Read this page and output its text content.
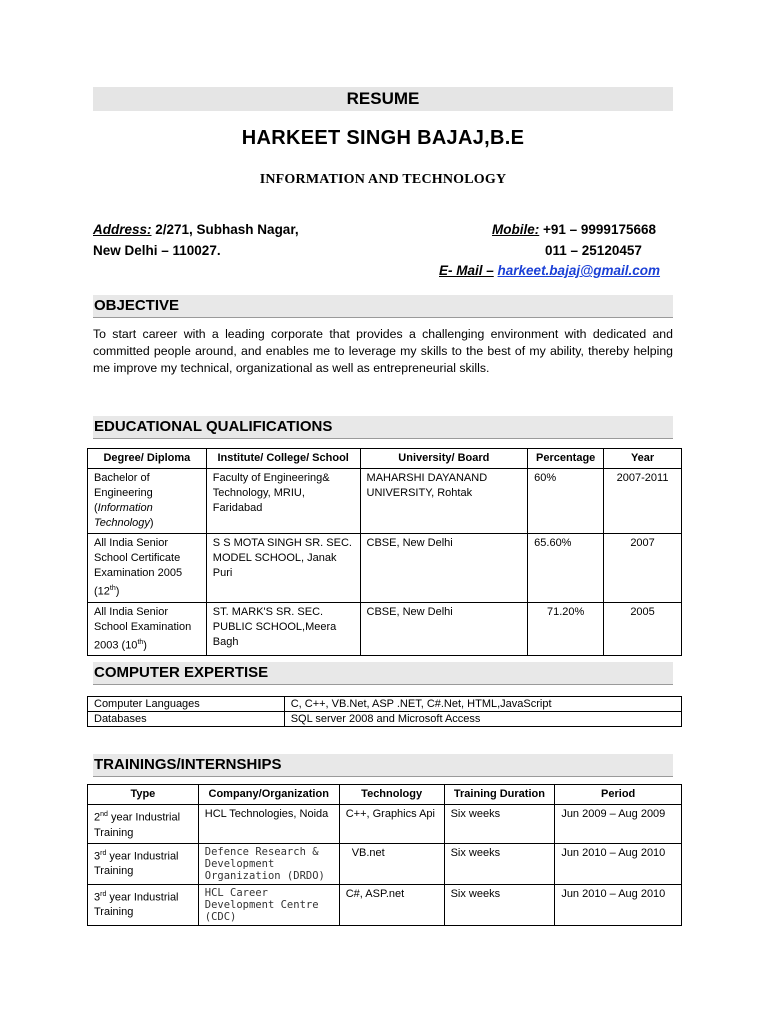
RESUME
HARKEET SINGH BAJAJ,B.E
INFORMATION AND TECHNOLOGY
Address: 2/271, Subhash Nagar,
New Delhi – 110027.
Mobile: +91 – 9999175668
011 – 25120457
E- Mail – harkeet.bajaj@gmail.com
OBJECTIVE
To start career with a leading corporate that provides a challenging environment with dedicated and committed people around, and enables me to leverage my skills to the best of my ability, thereby helping me improve my technical, organizational as well as entrepreneurial skills.
EDUCATIONAL QUALIFICATIONS
Degree/ Diploma	Institute/ College/ School	University/ Board	Percentage	Year
Bachelor of Engineering (Information Technology)	Faculty of Engineering& Technology, MRIU, Faridabad	MAHARSHI DAYANAND UNIVERSITY, Rohtak	60%	2007-2011
All India Senior School Certificate Examination 2005 (12th)	S S MOTA SINGH SR. SEC. MODEL SCHOOL, Janak Puri	CBSE, New Delhi	65.60%	2007
All India Senior School Examination 2003 (10th)	ST. MARK'S SR. SEC. PUBLIC SCHOOL,Meera Bagh	CBSE, New Delhi	71.20%	2005
COMPUTER EXPERTISE
Computer Languages	C, C++, VB.Net, ASP .NET, C#.Net, HTML,JavaScript
Databases	SQL server 2008 and Microsoft Access
TRAININGS/INTERNSHIPS
Type	Company/Organization	Technology	Training Duration	Period
2nd year Industrial Training	HCL Technologies, Noida	C++, Graphics Api	Six weeks	Jun 2009 – Aug 2009
3rd year Industrial Training	Defence Research & Development Organization (DRDO)	VB.net	Six weeks	Jun 2010 – Aug 2010
3rd year Industrial Training	HCL Career Development Centre (CDC)	C#, ASP.net	Six weeks	Jun 2010 – Aug 2010
